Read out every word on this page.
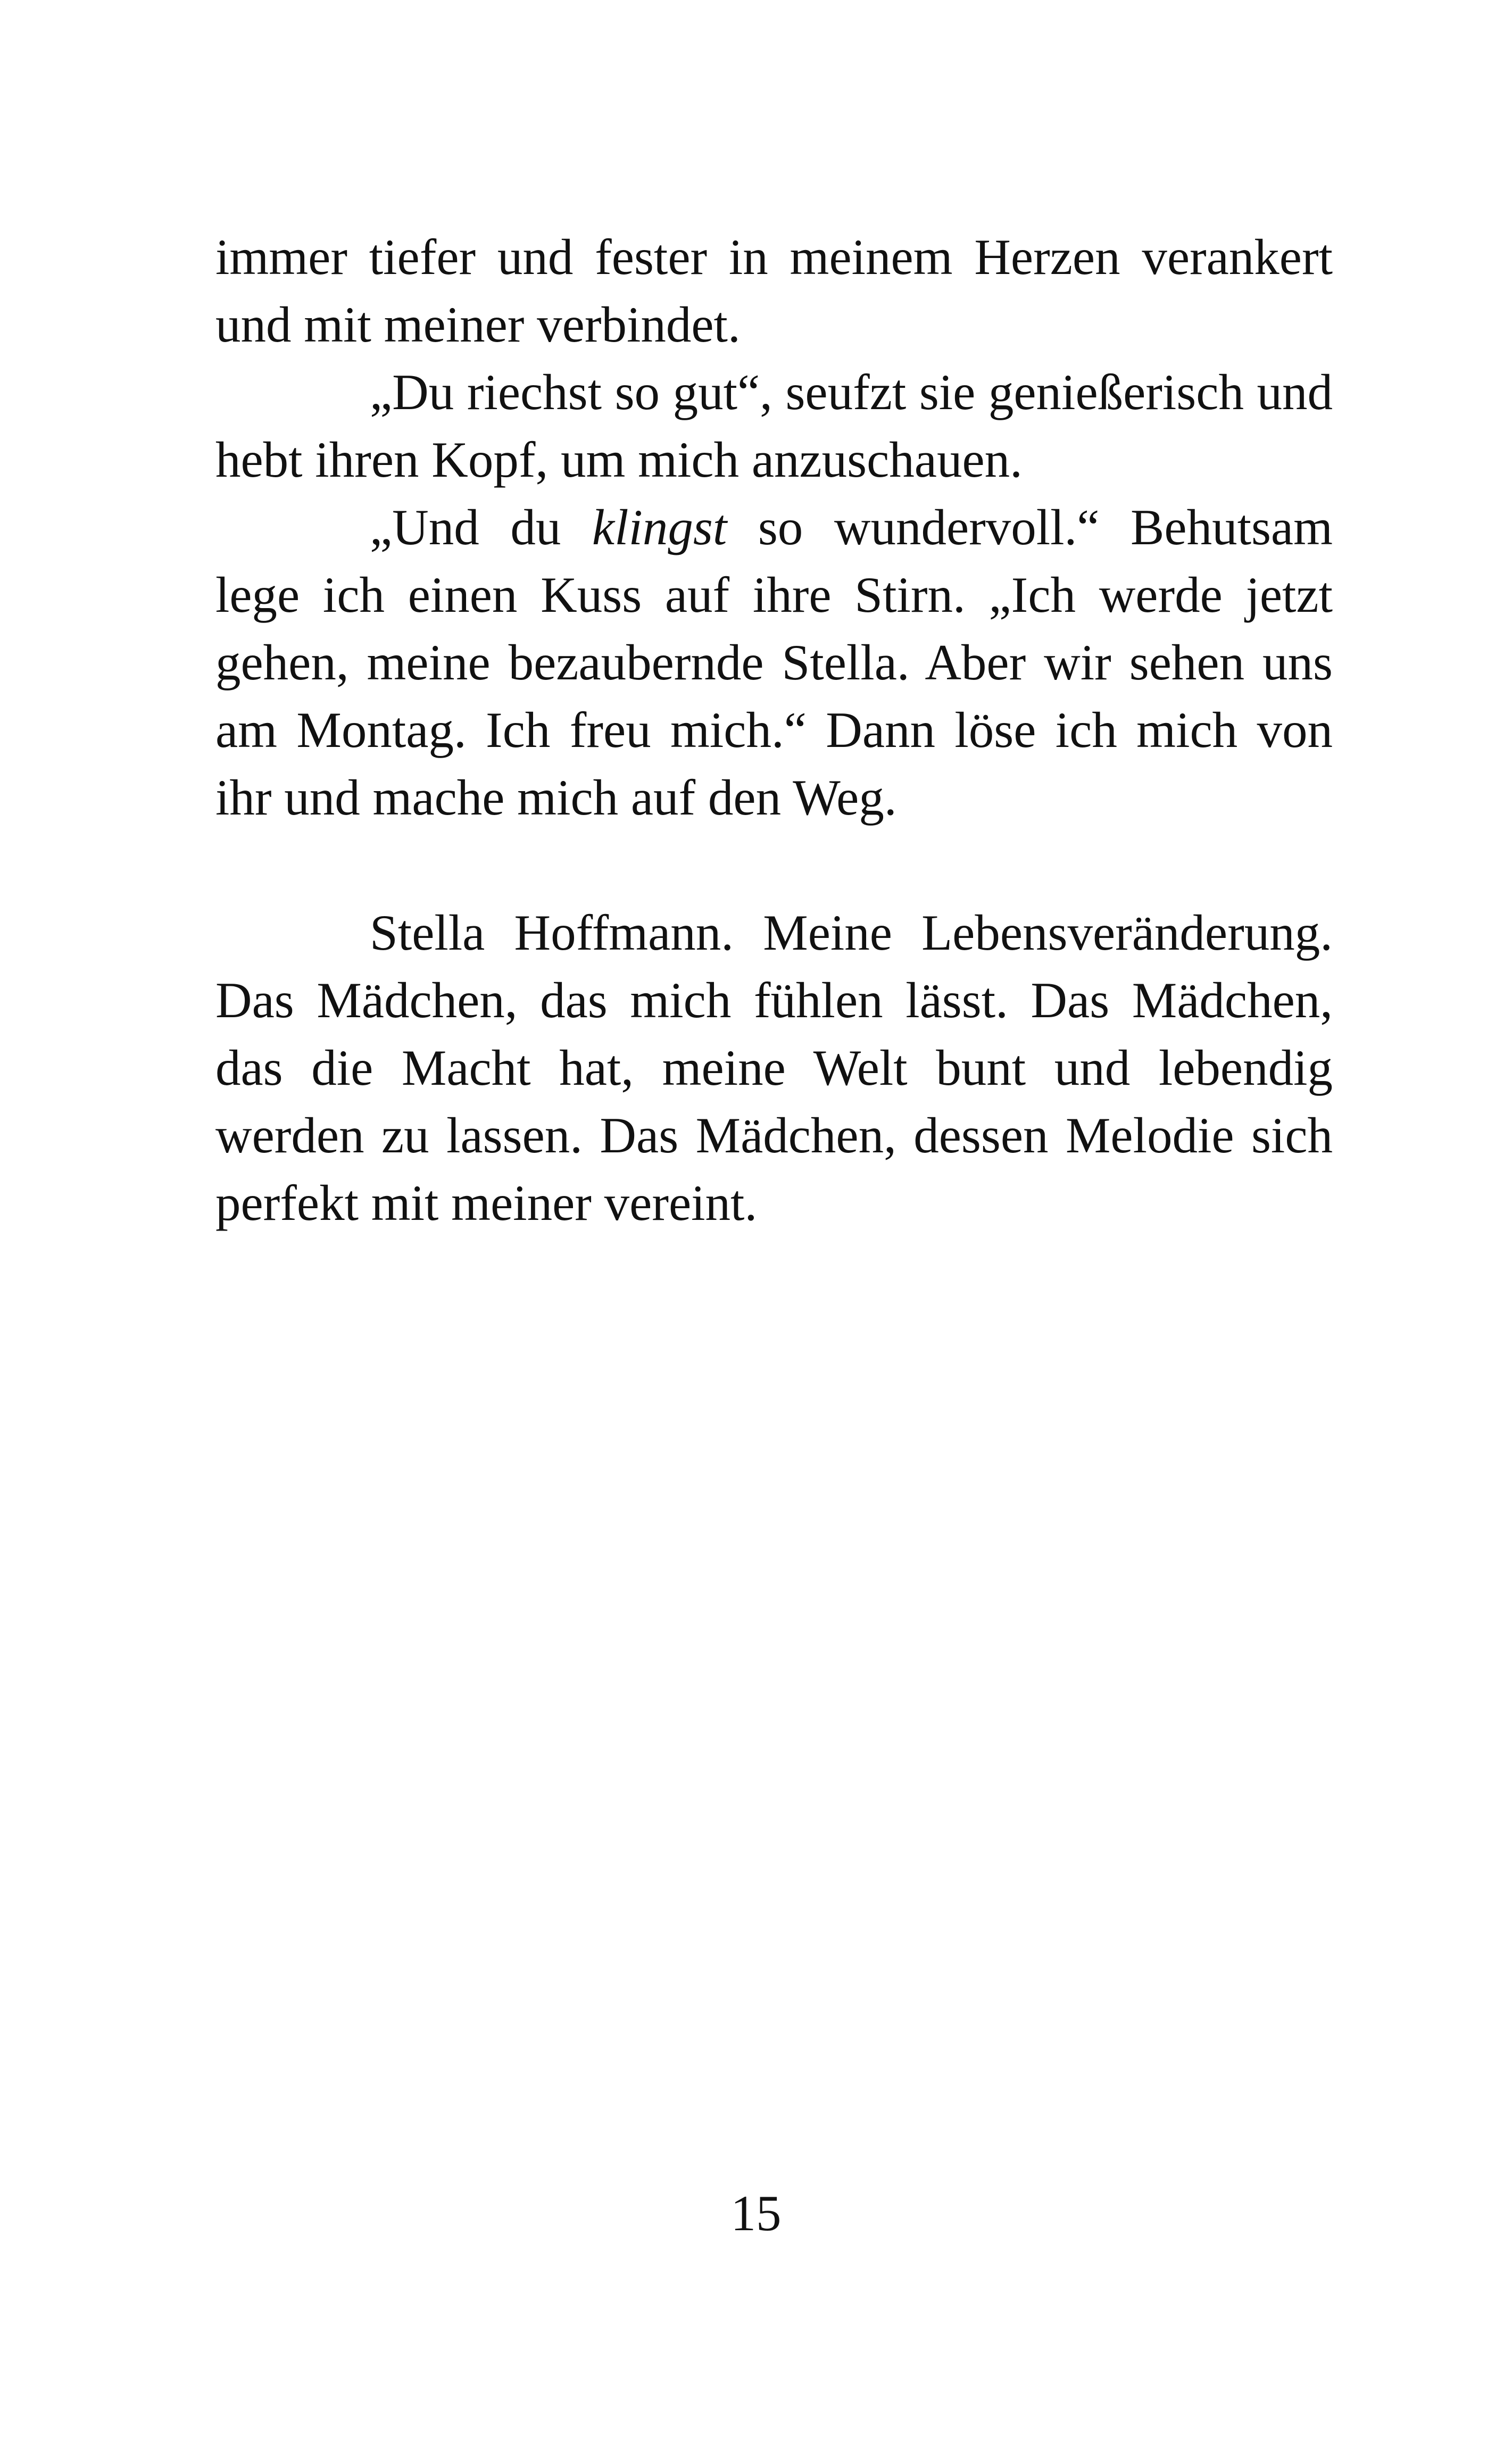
immer tiefer und fester in meinem Herzen verankert und mit meiner verbindet.

„Du riechst so gut“, seufzt sie genießerisch und hebt ihren Kopf, um mich anzuschauen.

„Und du klingst so wundervoll.“ Behutsam lege ich einen Kuss auf ihre Stirn. „Ich werde jetzt gehen, meine bezaubernde Stella. Aber wir sehen uns am Montag. Ich freu mich.“ Dann löse ich mich von ihr und mache mich auf den Weg.

Stella Hoffmann. Meine Lebensveränderung. Das Mädchen, das mich fühlen lässt. Das Mädchen, das die Macht hat, meine Welt bunt und lebendig werden zu lassen. Das Mädchen, dessen Melodie sich perfekt mit meiner vereint.

15
